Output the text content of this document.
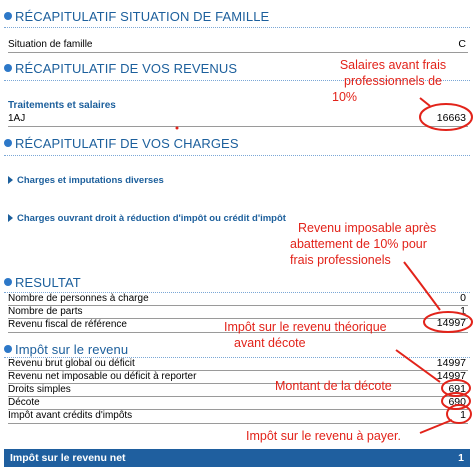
RÉCAPITULATIF SITUATION DE FAMILLE
Situation de famille	C
RÉCAPITULATIF DE VOS REVENUS
Traitements et salaires
1AJ	16663
RÉCAPITULATIF DE VOS CHARGES
Charges et imputations diverses
Charges ouvrant droit à réduction d'impôt ou crédit d'impôt
RESULTAT
Nombre de personnes à charge	0
Nombre de parts	1
Revenu fiscal de référence	14997
Impôt sur le revenu
Revenu brut global ou déficit	14997
Revenu net imposable ou déficit à reporter	14997
Droits simples	691
Décote	690
Impôt avant crédits d'impôts	1
Impôt sur le revenu net	1
Salaires avant frais
professionnels de
10%
Revenu imposable après
abattement de 10% pour
frais professionels
Impôt sur le revenu théorique
avant décote
Montant de la décote
Impôt sur le revenu à payer.
